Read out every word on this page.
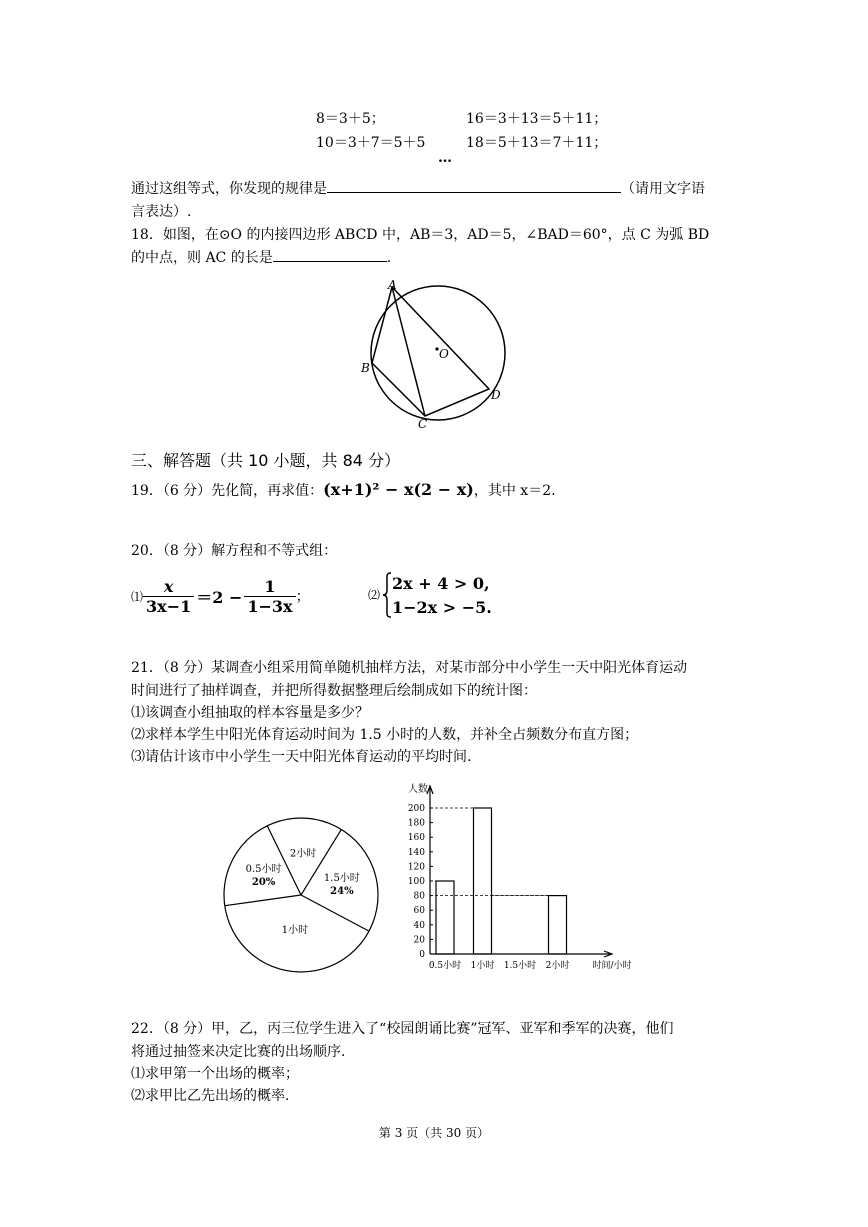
8＝3＋5；	16＝3＋13＝5＋11；
10＝3＋7＝5＋5	18＝5＋13＝7＋11；
…
通过这组等式，你发现的规律是	（请用文字语
言表达）.
18．如图，在⊙O 的内接四边形 ABCD 中，AB＝3，AD＝5，∠BAD＝60°，点 C 为弧 BD
的中点，则 AC 的长是	.
A
B
C
D
O
三、解答题（共 10 小题，共 84 分）
19．（6 分）先化简，再求值：(x+1)² − x(2 − x)，其中 x＝2.
20．（8 分）解方程和不等式组：
⑴ $\frac{x}{3x-1} =2 - \frac{1}{1-3x}$ ；	⑵
2x + 4 > 0,
1−2x > −5.
21．（8 分）某调查小组采用简单随机抽样方法，对某市部分中小学生一天中阳光体育运动
时间进行了抽样调查，并把所得数据整理后绘制成如下的统计图：
⑴该调查小组抽取的样本容量是多少？
⑵求样本学生中阳光体育运动时间为 1.5 小时的人数，并补全占频数分布直方图；
⑶请估计该市中小学生一天中阳光体育运动的平均时间.
0.5小时
20%
2小时
1.5小时
24%
1小时
人数
时间/小时
0
20
40
60
80
100
120
140
160
180
200
0.5小时 1小时 1.5小时 2小时
22．（8 分）甲，乙，丙三位学生进入了“校园朗诵比赛”冠军、亚军和季军的决赛，他们
将通过抽签来决定比赛的出场顺序.
⑴求甲第一个出场的概率；
⑵求甲比乙先出场的概率.
第 3 页（共 30 页）
